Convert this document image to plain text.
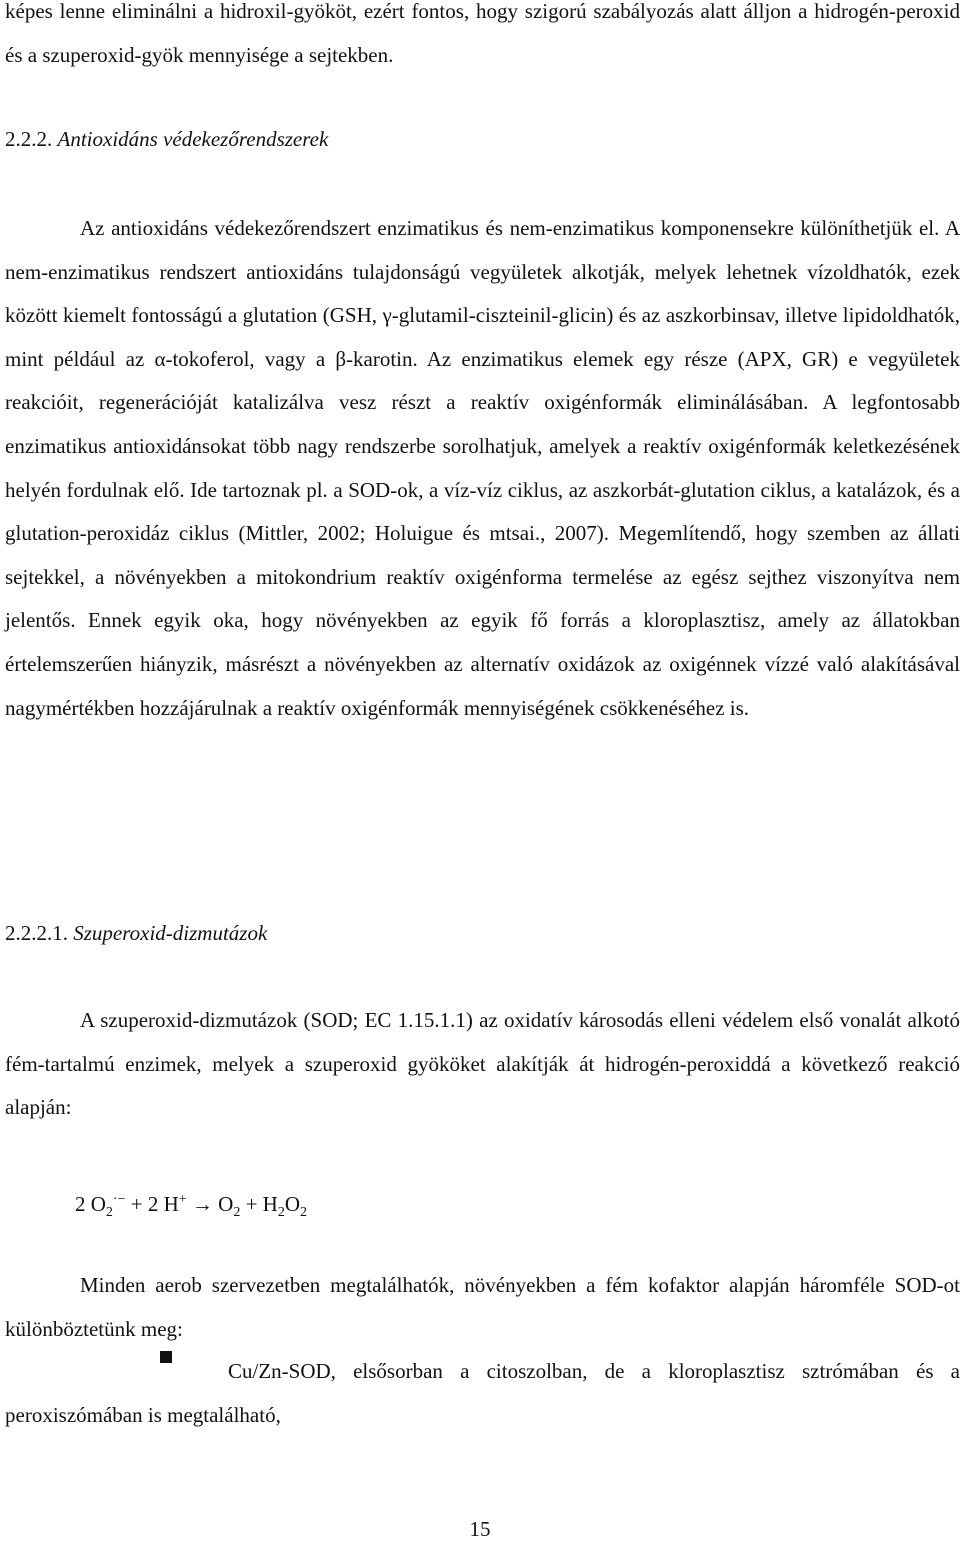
képes lenne eliminálni a hidroxil-gyököt, ezért fontos, hogy szigorú szabályozás alatt álljon a hidrogén-peroxid és a szuperoxid-gyök mennyisége a sejtekben.

2.2.2. Antioxidáns védekezőrendszerek

Az antioxidáns védekezőrendszert enzimatikus és nem-enzimatikus komponensekre különíthetjük el. A nem-enzimatikus rendszert antioxidáns tulajdonságú vegyületek alkotják, melyek lehetnek vízoldhatók, ezek között kiemelt fontosságú a glutation (GSH, γ-glutamil-ciszteinil-glicin) és az aszkorbinsav, illetve lipidoldhatók, mint például az α-tokoferol, vagy a β-karotin. Az enzimatikus elemek egy része (APX, GR) e vegyületek reakcióit, regenerációját katalizálva vesz részt a reaktív oxigénformák eliminálásában. A legfontosabb enzimatikus antioxidánsokat több nagy rendszerbe sorolhatjuk, amelyek a reaktív oxigénformák keletkezésének helyén fordulnak elő. Ide tartoznak pl. a SOD-ok, a víz-víz ciklus, az aszkorbát-glutation ciklus, a katalázok, és a glutation-peroxidáz ciklus (Mittler, 2002; Holuigue és mtsai., 2007). Megemlítendő, hogy szemben az állati sejtekkel, a növényekben a mitokondrium reaktív oxigénforma termelése az egész sejthez viszonyítva nem jelentős. Ennek egyik oka, hogy növényekben az egyik fő forrás a kloroplasztisz, amely az állatokban értelemszerűen hiányzik, másrészt a növényekben az alternatív oxidázok az oxigénnek vízzé való alakításával nagymértékben hozzájárulnak a reaktív oxigénformák mennyiségének csökkenéséhez is.

2.2.2.1. Szuperoxid-dizmutázok

A szuperoxid-dizmutázok (SOD; EC 1.15.1.1) az oxidatív károsodás elleni védelem első vonalát alkotó fém-tartalmú enzimek, melyek a szuperoxid gyököket alakítják át hidrogén-peroxiddá a következő reakció alapján:

Minden aerob szervezetben megtalálhatók, növényekben a fém kofaktor alapján háromféle SOD-ot különböztetünk meg:

2 $O_2^{\cdot-} + 2$ $H^+ \to O_2 + H_2O_2$

Cu/Zn-SOD, elsősorban a citoszolban, de a kloroplasztisz sztrómában és a peroxiszómában is megtalálható,

15
